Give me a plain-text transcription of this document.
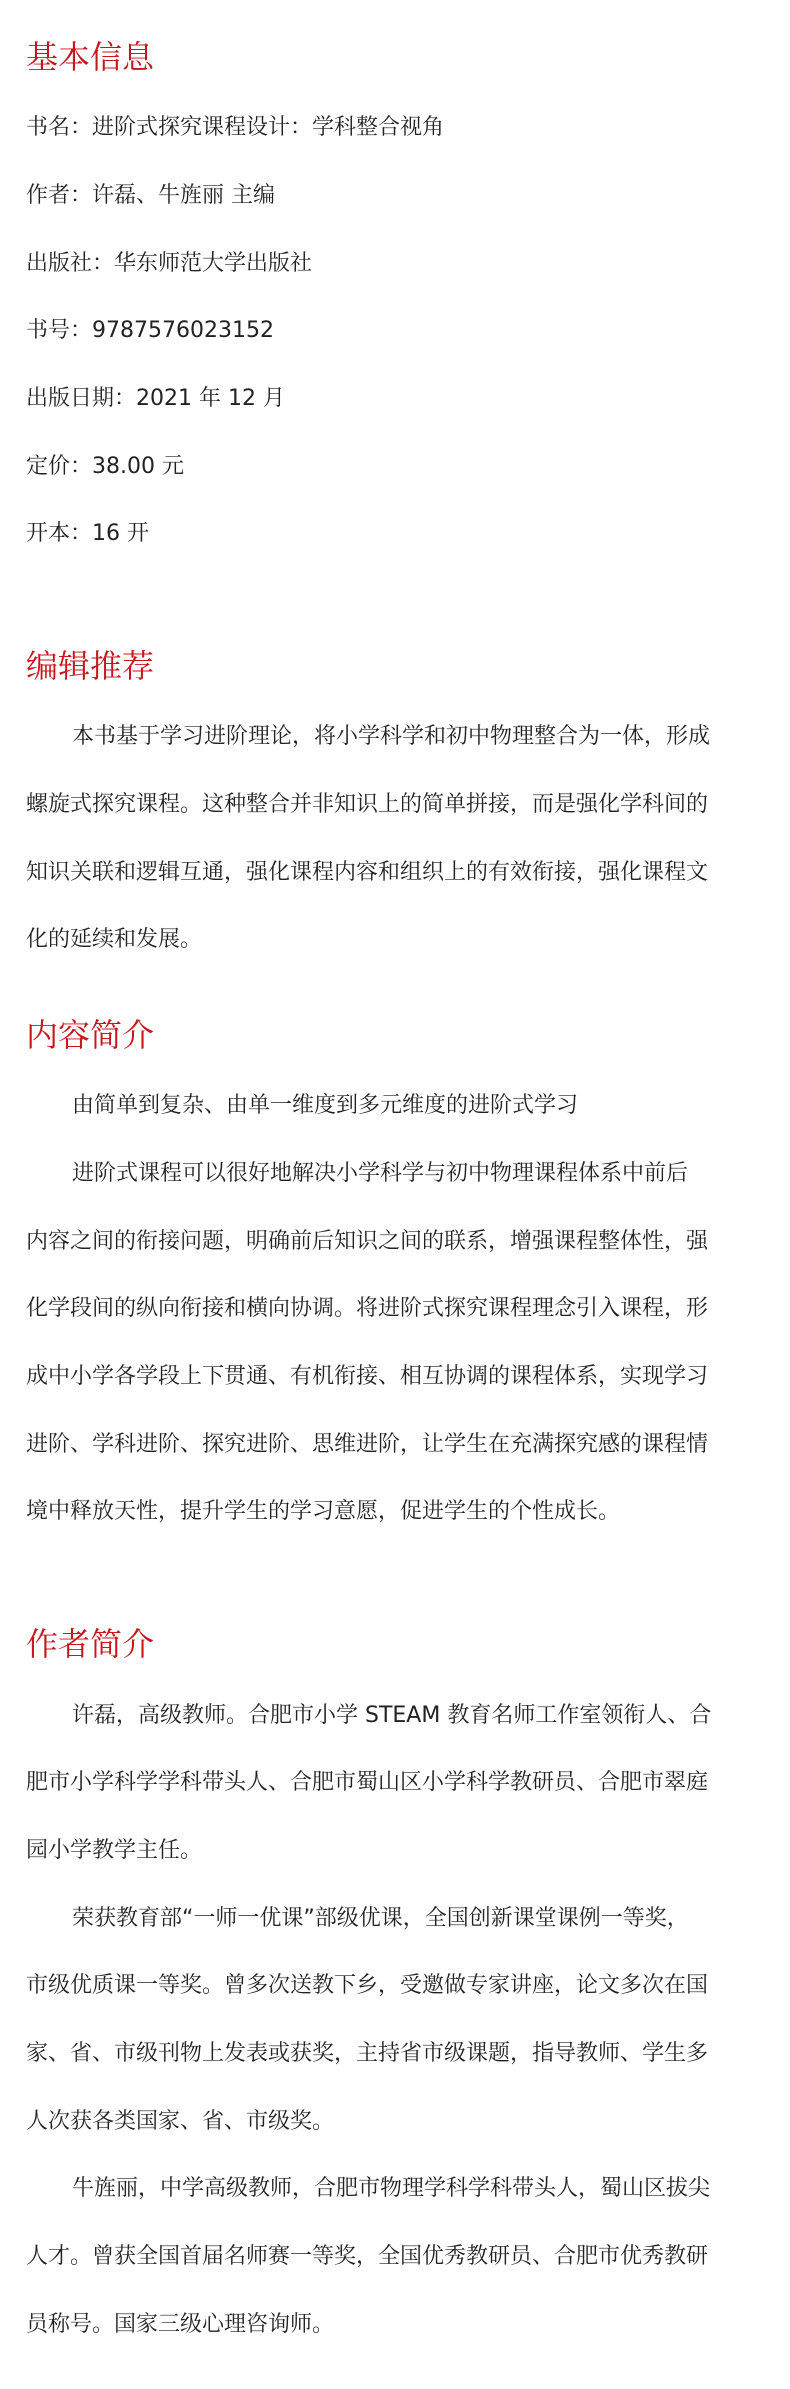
基本信息
书名：进阶式探究课程设计：学科整合视角
作者：许磊、牛旌丽 主编
出版社：华东师范大学出版社
书号：9787576023152
出版日期：2021 年 12 月
定价：38.00 元
开本：16 开
编辑推荐
本书基于学习进阶理论，将小学科学和初中物理整合为一体，形成
螺旋式探究课程。这种整合并非知识上的简单拼接，而是强化学科间的
知识关联和逻辑互通，强化课程内容和组织上的有效衔接，强化课程文
化的延续和发展。
内容简介
由简单到复杂、由单一维度到多元维度的进阶式学习
进阶式课程可以很好地解决小学科学与初中物理课程体系中前后
内容之间的衔接问题，明确前后知识之间的联系，增强课程整体性，强
化学段间的纵向衔接和横向协调。将进阶式探究课程理念引入课程，形
成中小学各学段上下贯通、有机衔接、相互协调的课程体系，实现学习
进阶、学科进阶、探究进阶、思维进阶，让学生在充满探究感的课程情
境中释放天性，提升学生的学习意愿，促进学生的个性成长。
作者简介
许磊，高级教师。合肥市小学 STEAM 教育名师工作室领衔人、合
肥市小学科学学科带头人、合肥市蜀山区小学科学教研员、合肥市翠庭
园小学教学主任。
荣获教育部“一师一优课”部级优课，全国创新课堂课例一等奖，
市级优质课一等奖。曾多次送教下乡，受邀做专家讲座，论文多次在国
家、省、市级刊物上发表或获奖，主持省市级课题，指导教师、学生多
人次获各类国家、省、市级奖。
牛旌丽，中学高级教师，合肥市物理学科学科带头人，蜀山区拔尖
人才。曾获全国首届名师赛一等奖，全国优秀教研员、合肥市优秀教研
员称号。国家三级心理咨询师。
